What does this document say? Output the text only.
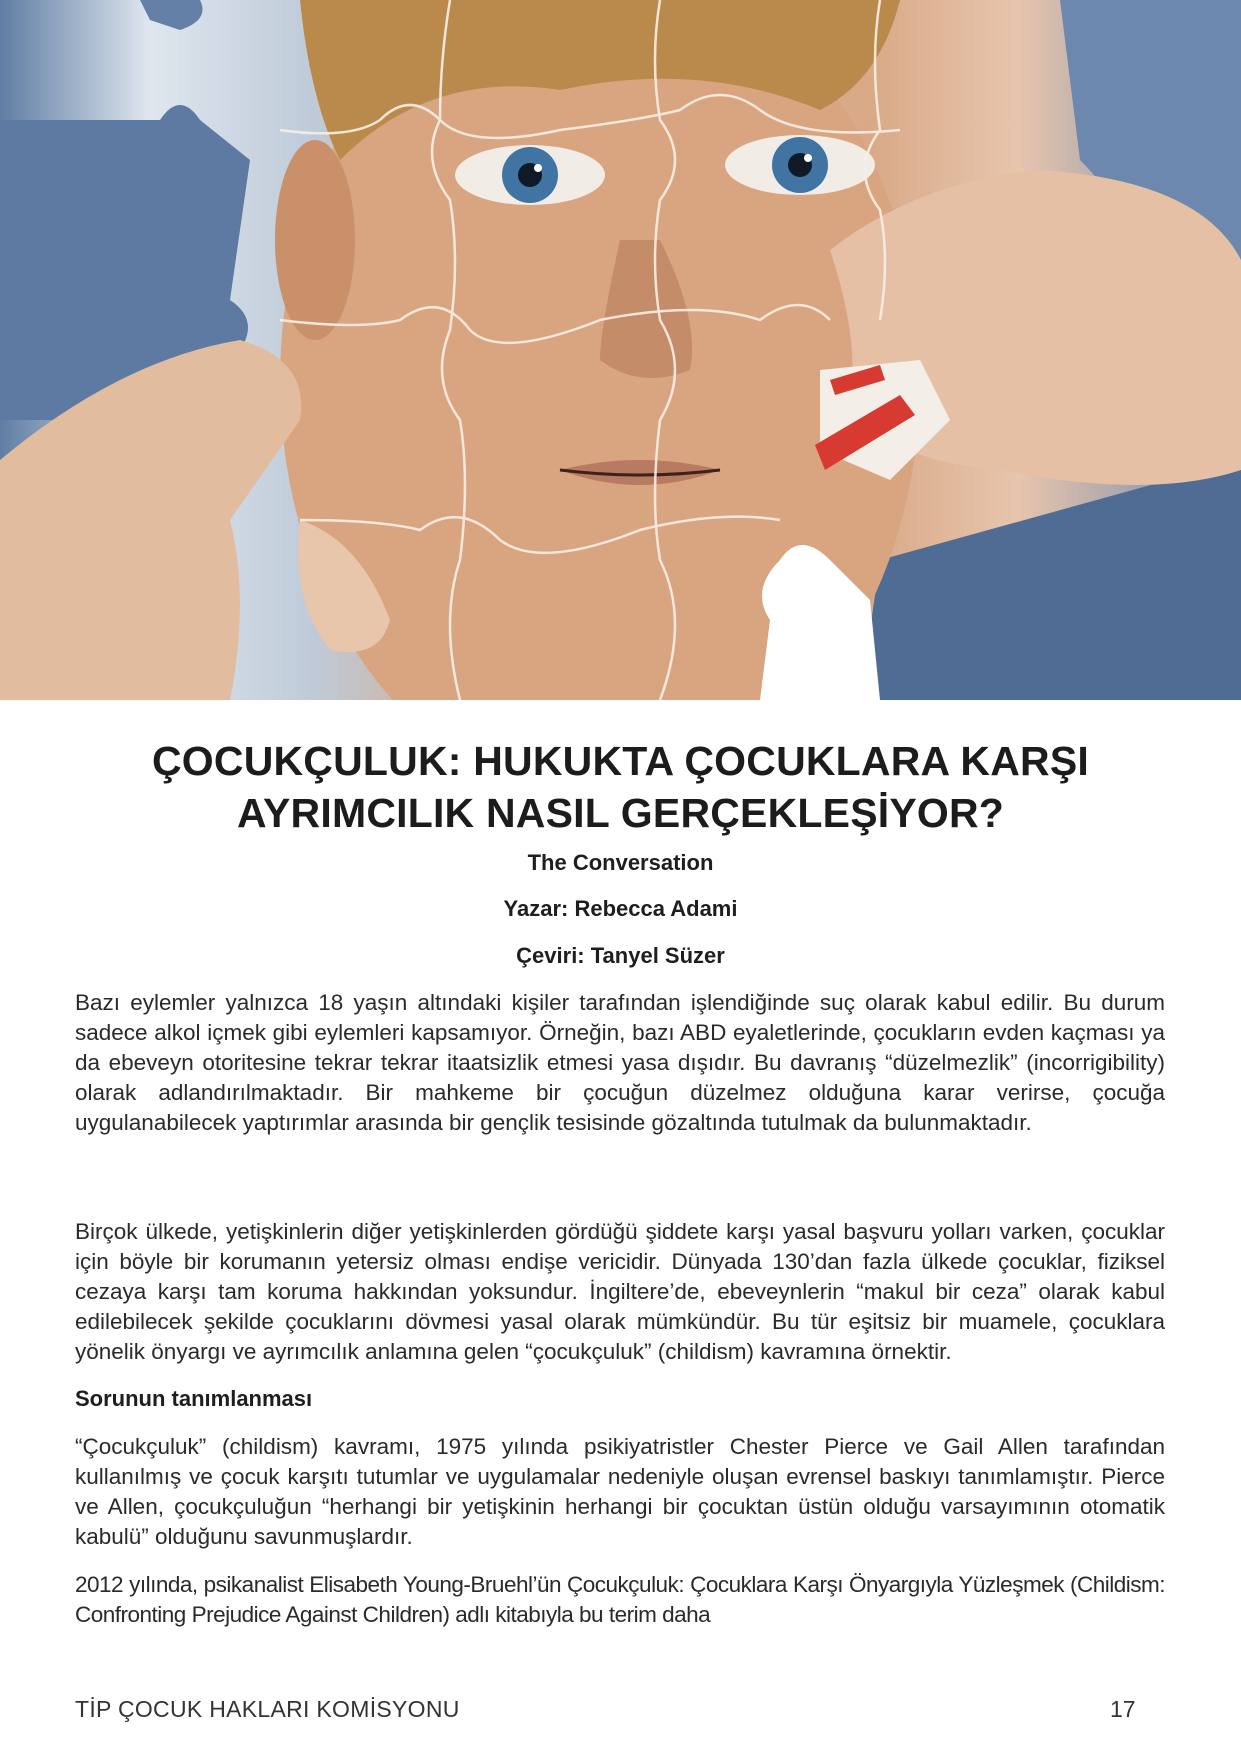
ÇOCUKÇULUK: HUKUKTA ÇOCUKLARA KARŞI AYRIMCILIK NASIL GERÇEKLEŞİYOR?
The Conversation
Yazar: Rebecca Adami
Çeviri: Tanyel Süzer

Bazı eylemler yalnızca 18 yaşın altındaki kişiler tarafından işlendiğinde suç olarak kabul edilir. Bu durum sadece alkol içmek gibi eylemleri kapsamıyor. Örneğin, bazı ABD eyaletlerinde, çocukların evden kaçması ya da ebeveyn otoritesine tekrar tekrar itaatsizlik etmesi yasa dışıdır. Bu davranış “düzelmezlik” (incorrigibility) olarak adlandırılmaktadır. Bir mahkeme bir çocuğun düzelmez olduğuna karar verirse, çocuğa uygulanabilecek yaptırımlar arasında bir gençlik tesisinde gözaltında tutulmak da bulunmaktadır.

Birçok ülkede, yetişkinlerin diğer yetişkinlerden gördüğü şiddete karşı yasal başvuru yolları varken, çocuklar için böyle bir korumanın yetersiz olması endişe vericidir. Dünyada 130’dan fazla ülkede çocuklar, fiziksel cezaya karşı tam koruma hakkından yoksundur. İngiltere’de, ebeveynlerin “makul bir ceza” olarak kabul edilebilecek şekilde çocuklarını dövmesi yasal olarak mümkündür. Bu tür eşitsiz bir muamele, çocuklara yönelik önyargı ve ayrımcılık anlamına gelen “çocukçuluk” (childism) kavramına örnektir.

Sorunun tanımlanması

“Çocukçuluk” (childism) kavramı, 1975 yılında psikiyatristler Chester Pierce ve Gail Allen tarafından kullanılmış ve çocuk karşıtı tutumlar ve uygulamalar nedeniyle oluşan evrensel baskıyı tanımlamıştır. Pierce ve Allen, çocukçuluğun “herhangi bir yetişkinin herhangi bir çocuktan üstün olduğu varsayımının otomatik kabulü” olduğunu savunmuşlardır.

2012 yılında, psikanalist Elisabeth Young-Bruehl’ün Çocukçuluk: Çocuklara Karşı Önyargıyla Yüzleşmek (Childism: Confronting Prejudice Against Children) adlı kitabıyla bu terim daha

TİP ÇOCUK HAKLARI KOMİSYONU	17
